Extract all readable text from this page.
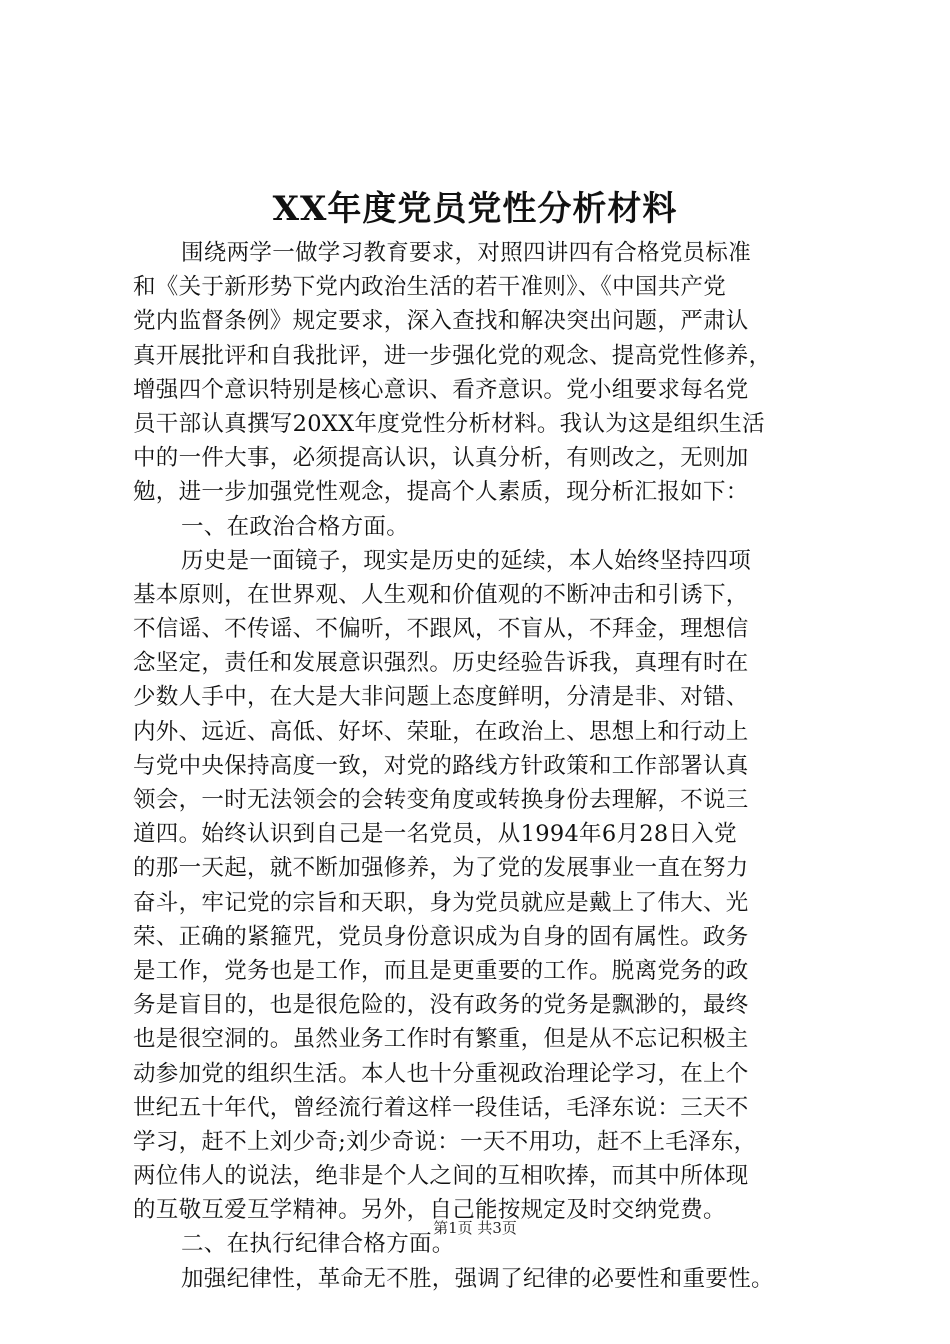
XX年度党员党性分析材料
围绕两学一做学习教育要求，对照四讲四有合格党员标准
和《关于新形势下党内政治生活的若干准则》、《中国共产党
党内监督条例》规定要求，深入查找和解决突出问题，严肃认
真开展批评和自我批评，进一步强化党的观念、提高党性修养，
增强四个意识特别是核心意识、看齐意识。党小组要求每名党
员干部认真撰写20XX年度党性分析材料。我认为这是组织生活
中的一件大事，必须提高认识，认真分析，有则改之，无则加
勉，进一步加强党性观念，提高个人素质，现分析汇报如下：
一、在政治合格方面。
历史是一面镜子，现实是历史的延续，本人始终坚持四项
基本原则，在世界观、人生观和价值观的不断冲击和引诱下，
不信谣、不传谣、不偏听，不跟风，不盲从，不拜金，理想信
念坚定，责任和发展意识强烈。历史经验告诉我，真理有时在
少数人手中，在大是大非问题上态度鲜明，分清是非、对错、
内外、远近、高低、好坏、荣耻，在政治上、思想上和行动上
与党中央保持高度一致，对党的路线方针政策和工作部署认真
领会，一时无法领会的会转变角度或转换身份去理解，不说三
道四。始终认识到自己是一名党员，从1994年6月28日入党
的那一天起，就不断加强修养，为了党的发展事业一直在努力
奋斗，牢记党的宗旨和天职，身为党员就应是戴上了伟大、光
荣、正确的紧箍咒，党员身份意识成为自身的固有属性。政务
是工作，党务也是工作，而且是更重要的工作。脱离党务的政
务是盲目的，也是很危险的，没有政务的党务是飘渺的，最终
也是很空洞的。虽然业务工作时有繁重，但是从不忘记积极主
动参加党的组织生活。本人也十分重视政治理论学习，在上个
世纪五十年代，曾经流行着这样一段佳话，毛泽东说：三天不
学习，赶不上刘少奇;刘少奇说：一天不用功，赶不上毛泽东，
两位伟人的说法，绝非是个人之间的互相吹捧，而其中所体现
的互敬互爱互学精神。另外，自己能按规定及时交纳党费。
二、在执行纪律合格方面。
加强纪律性，革命无不胜，强调了纪律的必要性和重要性。
第1页 共3页
